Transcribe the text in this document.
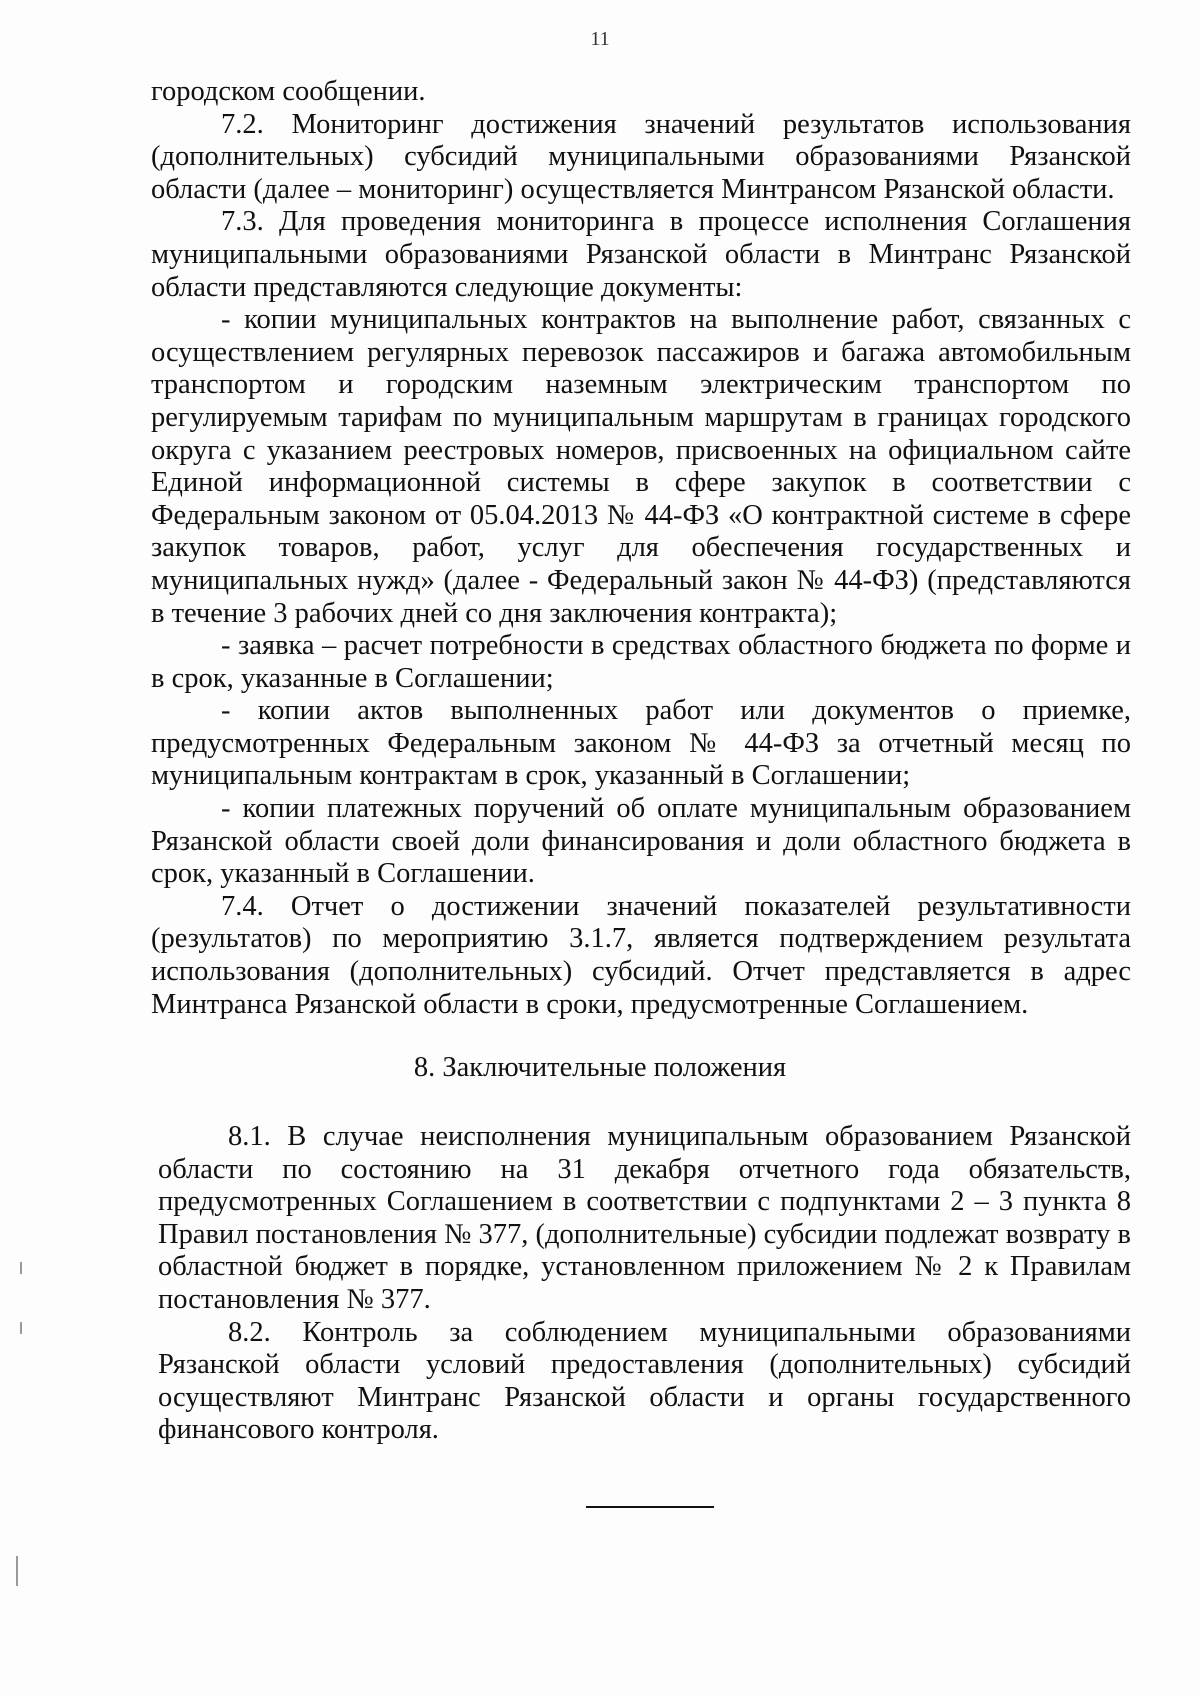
11

городском сообщении.

7.2. Мониторинг достижения значений результатов использования (дополнительных) субсидий муниципальными образованиями Рязанской области (далее – мониторинг) осуществляется Минтрансом Рязанской области.

7.3. Для проведения мониторинга в процессе исполнения Соглашения муниципальными образованиями Рязанской области в Минтранс Рязанской области представляются следующие документы:

- копии муниципальных контрактов на выполнение работ, связанных с осуществлением регулярных перевозок пассажиров и багажа автомобильным транспортом и городским наземным электрическим транспортом по регулируемым тарифам по муниципальным маршрутам в границах городского округа с указанием реестровых номеров, присвоенных на официальном сайте Единой информационной системы в сфере закупок в соответствии с Федеральным законом от 05.04.2013 № 44-ФЗ «О контрактной системе в сфере закупок товаров, работ, услуг для обеспечения государственных и муниципальных нужд» (далее - Федеральный закон № 44-ФЗ) (представляются в течение 3 рабочих дней со дня заключения контракта);

- заявка – расчет потребности в средствах областного бюджета по форме и в срок, указанные в Соглашении;

- копии актов выполненных работ или документов о приемке, предусмотренных Федеральным законом № 44-ФЗ за отчетный месяц по муниципальным контрактам в срок, указанный в Соглашении;

- копии платежных поручений об оплате муниципальным образованием Рязанской области своей доли финансирования и доли областного бюджета в срок, указанный в Соглашении.

7.4. Отчет о достижении значений показателей результативности (результатов) по мероприятию 3.1.7, является подтверждением результата использования (дополнительных) субсидий. Отчет представляется в адрес Минтранса Рязанской области в сроки, предусмотренные Соглашением.

8. Заключительные положения

8.1. В случае неисполнения муниципальным образованием Рязанской области по состоянию на 31 декабря отчетного года обязательств, предусмотренных Соглашением в соответствии с подпунктами 2 – 3 пункта 8 Правил постановления № 377, (дополнительные) субсидии подлежат возврату в областной бюджет в порядке, установленном приложением № 2 к Правилам постановления № 377.

8.2. Контроль за соблюдением муниципальными образованиями Рязанской области условий предоставления (дополнительных) субсидий осуществляют Минтранс Рязанской области и органы государственного финансового контроля.
